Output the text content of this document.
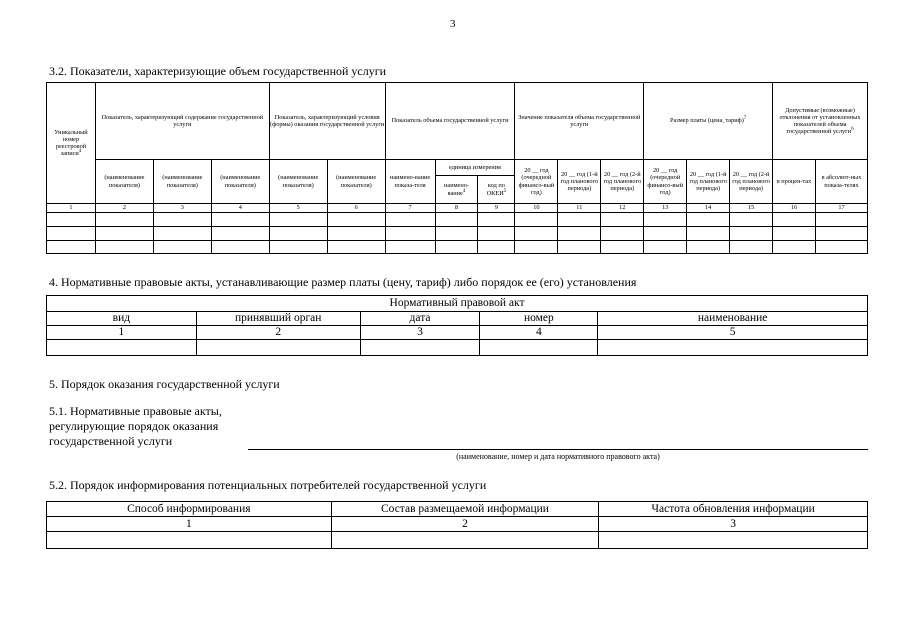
3
3.2. Показатели, характеризующие объем государственной услуги
Уникальный номер реестровой записи$^4$	Показатель, характеризующий содержание государственной услуги			Показатель, характеризующий условия (формы) оказания государственной услуги		Показатель объема государственной услуги			Значение показателя объема государственной услуги			Размер платы (цена, тариф)$^7$			Допустимые (возможные) отклонения от установленных показателей объема государственной услуги$^6$
	(наименование показателя)	(наименование показателя)	(наименование показателя)	(наименование показателя)	(наименование показателя)	наимено-вание показа-теля	единица измерения		20 __ год (очередной финансо-вый год)	20 __ год (1-й год планового периода)	20 __ год (2-й год планового периода)	20 __ год (очередной финансо-вый год)	20 __ год (1-й год планового периода)	20 __ год (2-й год планового периода)	в процен-тах	в абсолют-ных показа-телях
							наимено-вание$^4$	код по ОКЕИ$^5$
1	2	3	4	5	6	7	8	9	10	11	12	13	14	15	16	17

4. Нормативные правовые акты, устанавливающие размер платы (цену, тариф) либо порядок ее (его) установления
Нормативный правовой акт				
вид	принявший орган	дата	номер	наименование
1	2	3	4	5

5. Порядок оказания государственной услуги
5.1. Нормативные правовые акты,
регулирующие порядок оказания
государственной услуги
(наименование, номер и дата нормативного правового акта)
5.2. Порядок информирования потенциальных потребителей государственной услуги
Способ информирования	Состав размещаемой информации	Частота обновления информации
1	2	3
